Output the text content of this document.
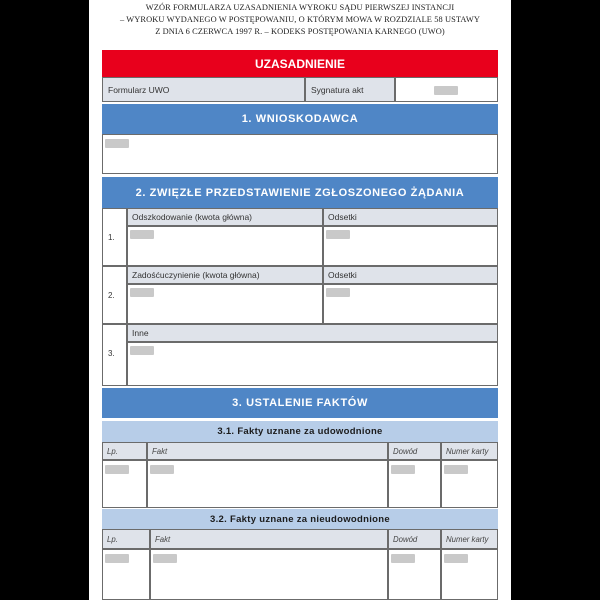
WZÓR FORMULARZA UZASADNIENIA WYROKU SĄDU PIERWSZEJ INSTANCJI
– WYROKU WYDANEGO W POSTĘPOWANIU, O KTÓRYM MOWA W ROZDZIALE 58 USTAWY
Z DNIA 6 CZERWCA 1997 R. – KODEKS POSTĘPOWANIA KARNEGO (UWO)
UZASADNIENIE
Formularz UWO	Sygnatura akt
1. WNIOSKODAWCA
2. ZWIĘZŁE PRZEDSTAWIENIE ZGŁOSZONEGO ŻĄDANIA
1.
Odszkodowanie (kwota główna)	Odsetki
2.
Zadośćuczynienie (kwota główna)	Odsetki
3.
Inne
3. USTALENIE FAKTÓW
3.1. Fakty uznane za udowodnione
Lp.	Fakt	Dowód	Numer karty
3.2. Fakty uznane za nieudowodnione
Lp.	Fakt	Dowód	Numer karty
